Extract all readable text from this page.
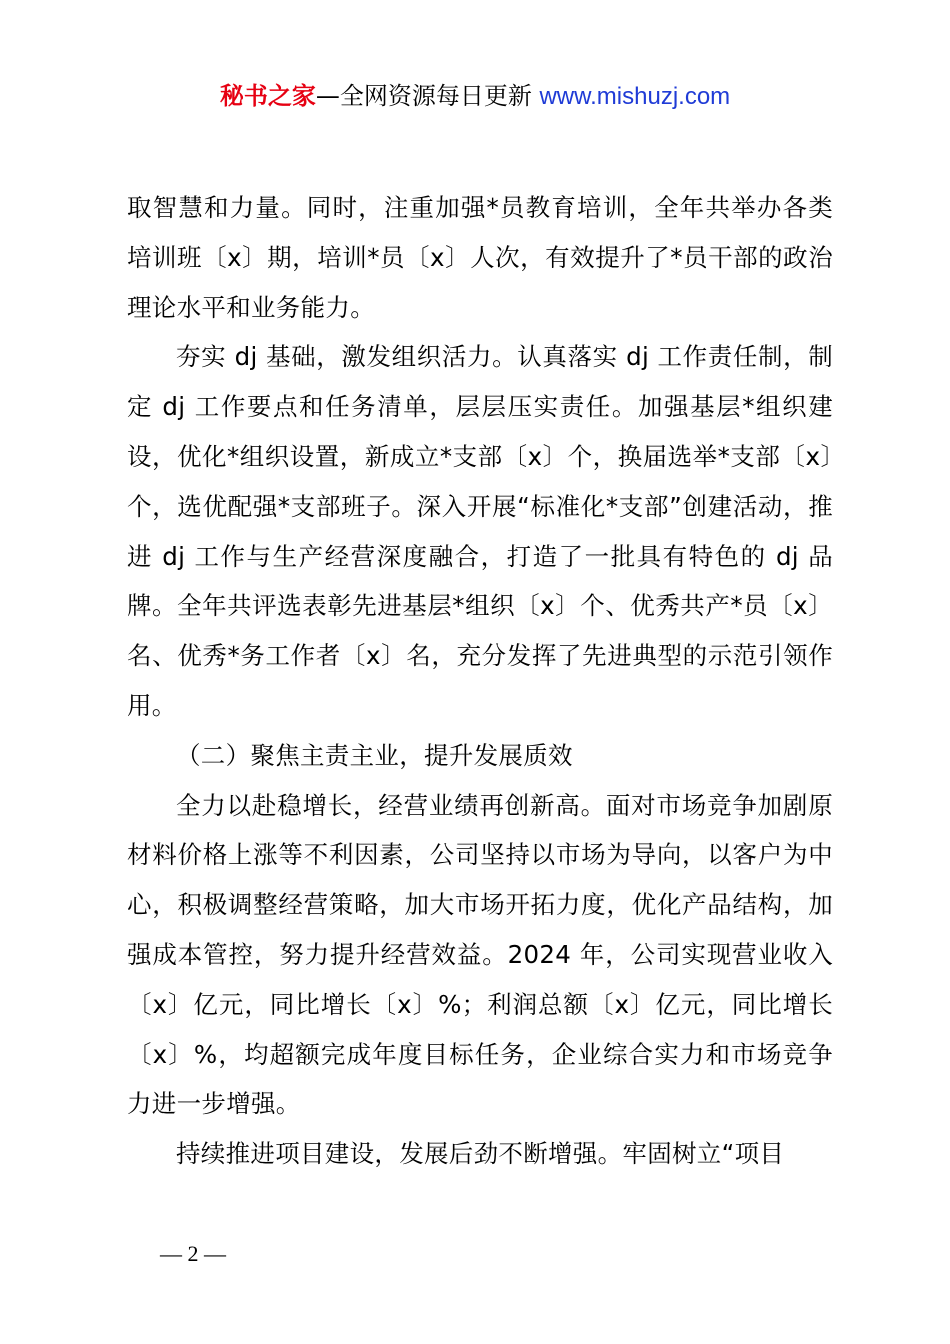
秘书之家—全网资源每日更新 www.mishuzj.com

取智慧和力量。同时，注重加强*员教育培训，全年共举办各类培训班〔x〕期，培训*员〔x〕人次，有效提升了*员干部的政治理论水平和业务能力。

夯实 dj 基础，激发组织活力。认真落实 dj 工作责任制，制定 dj 工作要点和任务清单，层层压实责任。加强基层*组织建设，优化*组织设置，新成立*支部〔x〕个，换届选举*支部〔x〕个，选优配强*支部班子。深入开展“标准化*支部”创建活动，推进 dj 工作与生产经营深度融合，打造了一批具有特色的 dj 品牌。全年共评选表彰先进基层*组织〔x〕个、优秀共产*员〔x〕名、优秀*务工作者〔x〕名，充分发挥了先进典型的示范引领作用。

（二）聚焦主责主业，提升发展质效

全力以赴稳增长，经营业绩再创新高。面对市场竞争加剧原材料价格上涨等不利因素，公司坚持以市场为导向，以客户为中心，积极调整经营策略，加大市场开拓力度，优化产品结构，加强成本管控，努力提升经营效益。2024 年，公司实现营业收入〔x〕亿元，同比增长〔x〕%；利润总额〔x〕亿元，同比增长〔x〕%，均超额完成年度目标任务，企业综合实力和市场竞争力进一步增强。

持续推进项目建设，发展后劲不断增强。牢固树立“项目

— 2 —
